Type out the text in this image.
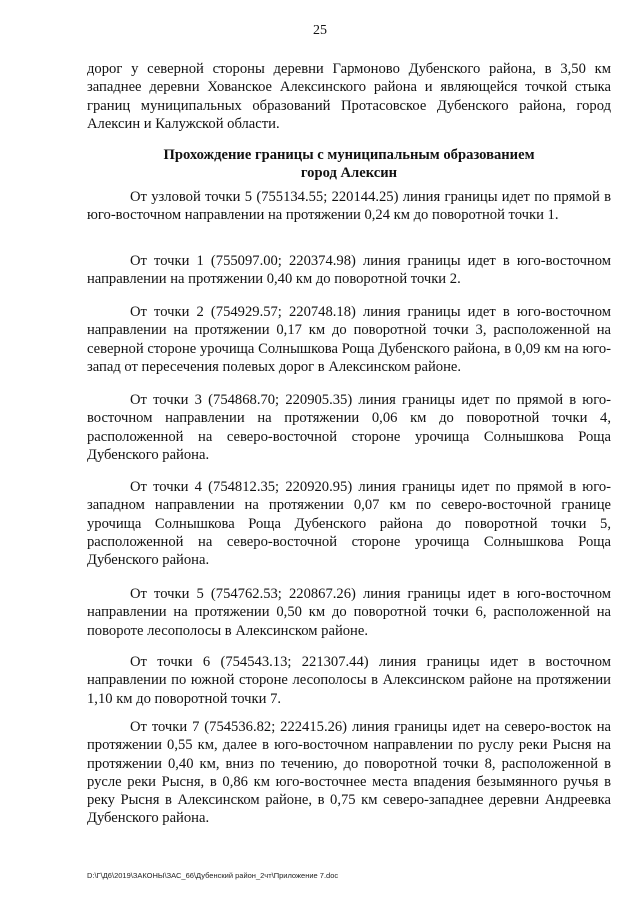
25
дорог у северной стороны деревни Гармоново Дубенского района, в 3,50 км западнее деревни Хованское Алексинского района и являющейся точкой стыка границ муниципальных образований Протасовское Дубенского района, город Алексин и Калужской области.
Прохождение границы с муниципальным образованием
город Алексин
От узловой точки 5 (755134.55; 220144.25) линия границы идет по прямой в юго-восточном направлении на протяжении 0,24 км до поворотной точки 1.
От точки 1 (755097.00; 220374.98) линия границы идет в юго-восточном направлении на протяжении 0,40 км до поворотной точки 2.
От точки 2 (754929.57; 220748.18) линия границы идет в юго-восточном направлении на протяжении 0,17 км до поворотной точки 3, расположенной на северной стороне урочища Солнышкова Роща Дубенского района, в 0,09 км на юго-запад от пересечения полевых дорог в Алексинском районе.
От точки 3 (754868.70; 220905.35) линия границы идет по прямой в юго-восточном направлении на протяжении 0,06 км до поворотной точки 4, расположенной на северо-восточной стороне урочища Солнышкова Роща Дубенского района.
От точки 4 (754812.35; 220920.95) линия границы идет по прямой в юго-западном направлении на протяжении 0,07 км по северо-восточной границе урочища Солнышкова Роща Дубенского района до поворотной точки 5, расположенной на северо-восточной стороне урочища Солнышкова Роща Дубенского района.
От точки 5 (754762.53; 220867.26) линия границы идет в юго-восточном направлении на протяжении 0,50 км до поворотной точки 6, расположенной на повороте лесополосы в Алексинском районе.
От точки 6 (754543.13; 221307.44) линия границы идет в восточном направлении по южной стороне лесополосы в Алексинском районе на протяжении 1,10 км до поворотной точки 7.
От точки 7 (754536.82; 222415.26) линия границы идет на северо-восток на протяжении 0,55 км, далее в юго-восточном направлении по руслу реки Рысня на протяжении 0,40 км, вниз по течению, до поворотной точки 8, расположенной в русле реки Рысня, в 0,86 км юго-восточнее места впадения безымянного ручья в реку Рысня в Алексинском районе, в 0,75 км северо-западнее деревни Андреевка Дубенского района.
D:\Г\Д6\2019\ЗАКОНЫ\ЗАС_66\Дубенский район_2чт\Приложение 7.doc
